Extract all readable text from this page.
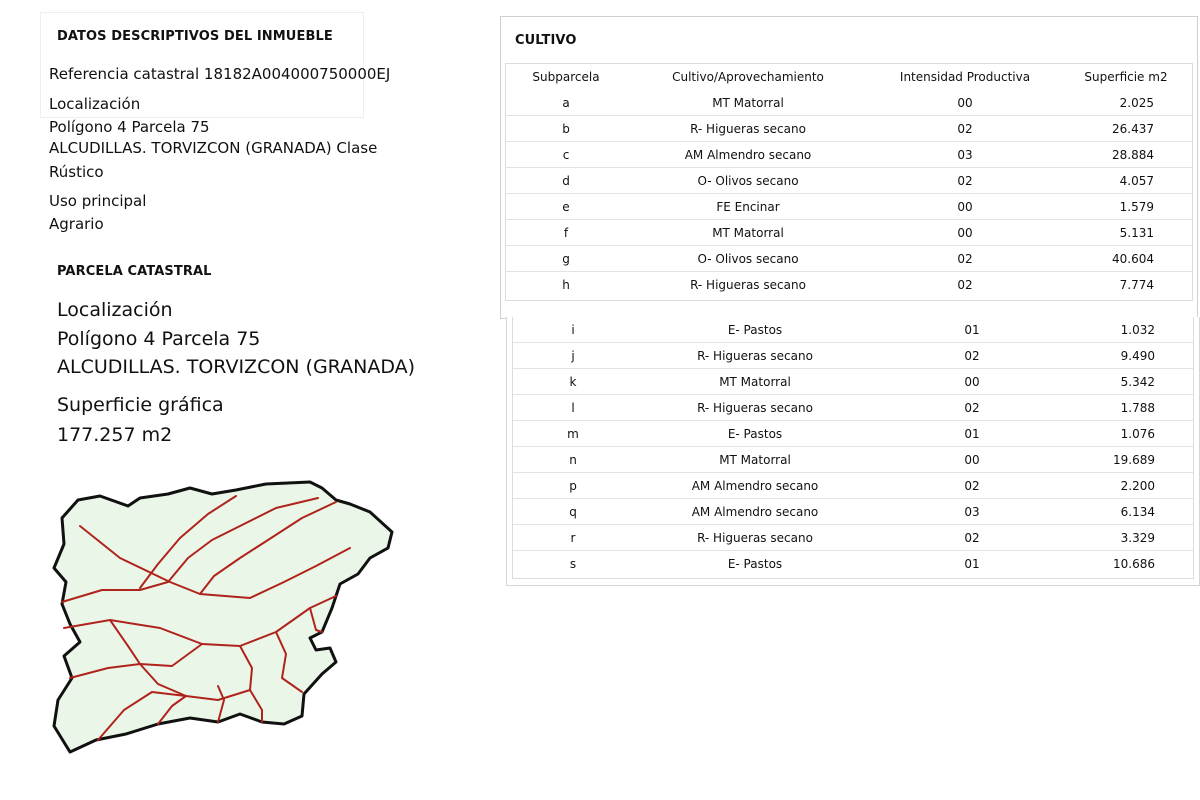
DATOS DESCRIPTIVOS DEL INMUEBLE
Referencia catastral 18182A004000750000EJ
Localización
Polígono 4 Parcela 75
ALCUDILLAS. TORVIZCON (GRANADA) Clase
Rústico
Uso principal
Agrario
PARCELA CATASTRAL
Localización
Polígono 4 Parcela 75
ALCUDILLAS. TORVIZCON (GRANADA)
Superficie gráfica
177.257 m2
CULTIVO
Subparcela	Cultivo/Aprovechamiento	Intensidad Productiva	Superficie m2
a	MT Matorral	00	2.025
b	R- Higueras secano	02	26.437
c	AM Almendro secano	03	28.884
d	O- Olivos secano	02	4.057
e	FE Encinar	00	1.579
f	MT Matorral	00	5.131
g	O- Olivos secano	02	40.604
h	R- Higueras secano	02	7.774
i	E- Pastos	01	1.032
j	R- Higueras secano	02	9.490
k	MT Matorral	00	5.342
l	R- Higueras secano	02	1.788
m	E- Pastos	01	1.076
n	MT Matorral	00	19.689
p	AM Almendro secano	02	2.200
q	AM Almendro secano	03	6.134
r	R- Higueras secano	02	3.329
s	E- Pastos	01	10.686
